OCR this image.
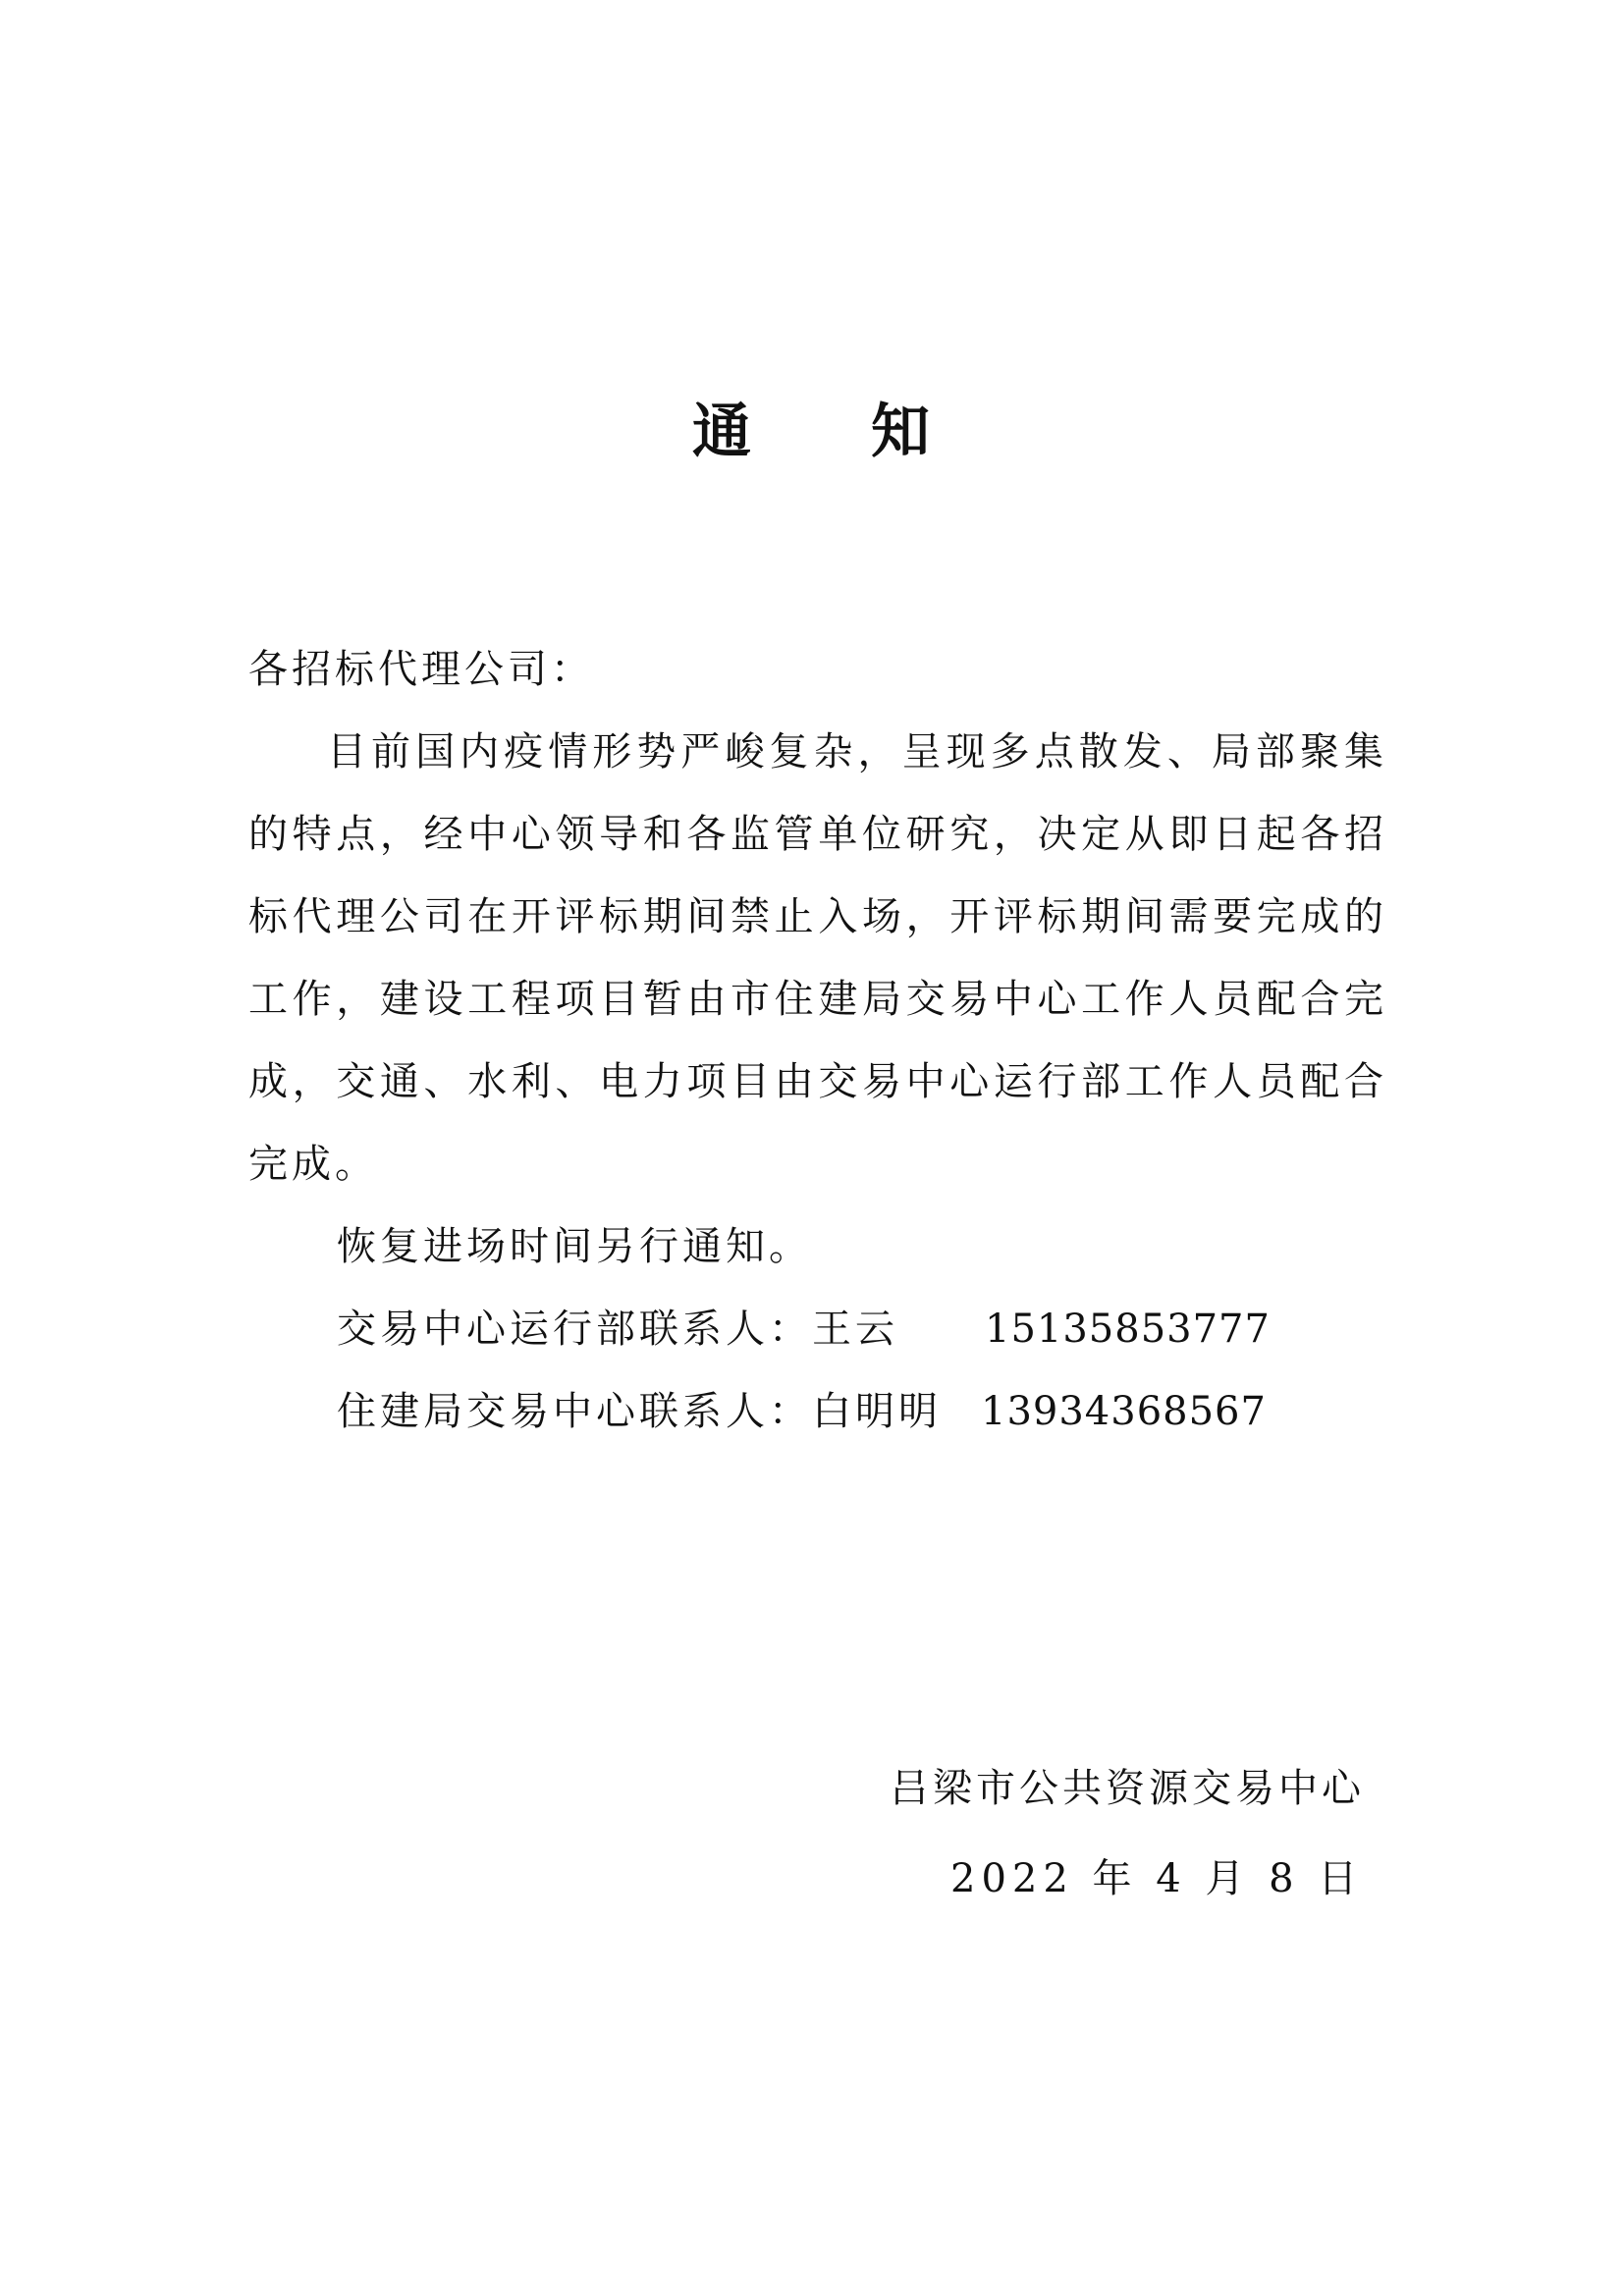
通 知

各招标代理公司：

目前国内疫情形势严峻复杂，呈现多点散发、局部聚集的特点，经中心领导和各监管单位研究，决定从即日起各招标代理公司在开评标期间禁止入场，开评标期间需要完成的工作，建设工程项目暂由市住建局交易中心工作人员配合完成，交通、水利、电力项目由交易中心运行部工作人员配合完成。

恢复进场时间另行通知。

交易中心运行部联系人：王云 15135853777

住建局交易中心联系人：白明明 13934368567

吕梁市公共资源交易中心

2022 年 4 月 8 日
